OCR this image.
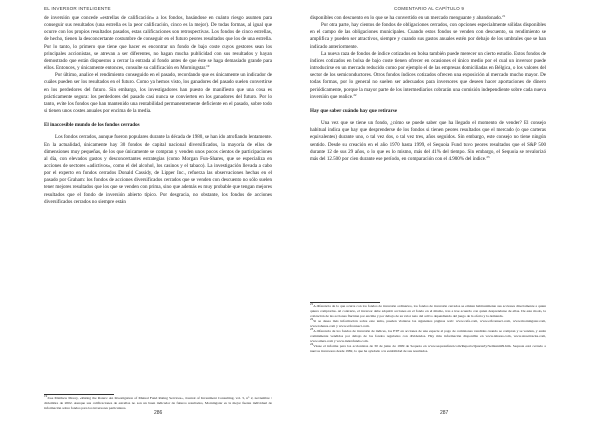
EL INVERSOR INTELIGENTE

de inversión que concede «estrellas de calificación» a los fondos, basándose en cuánto riesgo asumen para conseguir sus resultados (una estrella es la peor calificación, cinco es la mejor). De todas formas, al igual que ocurre con los propios resultados pasados, estas calificaciones son retrospectivas. Los fondos de cinco estrellas, de hecho, tienen la desconcertante costumbre de conseguir en el futuro peores resultados que los de una estrella. Por lo tanto, lo primero que tiene que hacer es encontrar un fondo de bajo coste cuyos gestores sean los principales accionistas, se atrevan a ser diferentes, no hagan mucha publicidad con sus resultados y hayan demostrado que están dispuestos a cerrar la entrada al fondo antes de que éste se haga demasiado grande para ellos. Entonces, y únicamente entonces, consulte su calificación en Morningstar.$^{19}$

Por último, analice el rendimiento conseguido en el pasado, recordando que es únicamente un indicador de cuáles pueden ser los resultados en el futuro. Como ya hemos visto, los ganadores del pasado suelen convertirse en los perdedores del futuro. Sin embargo, los investigadores han puesto de manifiesto que una cosa es prácticamente segura: los perdedores del pasado casi nunca se convierten en los ganadores del futuro. Por lo tanto, evite los fondos que han mantenido una rentabilidad permanentemente deficiente en el pasado, sobre todo si tienen unos costes anuales por encima de la media.

El inaccesible mundo de los fondos cerrados

Los fondos cerrados, aunque fueron populares durante la década de 1980, se han ido atrofiando lentamente. En la actualidad, únicamente hay 30 fondos de capital nacional diversificados, la mayoría de ellos de dimensiones muy pequeñas, de los que únicamente se compran y venden unos pocos cientos de participaciones al día, con elevados gastos y desconcertantes estrategias (como Morgan Fun-Shares, que se especializa en acciones de sectores «adictivos», como el del alcohol, los casinos y el tabaco). La investigación llevada a cabo por el experto en fondos cerrados Donald Cassidy, de Lipper Inc., refuerza las observaciones hechas en el pasado por Graham: los fondos de acciones diversificados cerrados que se venden con descuento no sólo suelen tener mejores resultados que los que se venden con prima, sino que además es muy probable que tengan mejores resultados que el fondo de inversión abierto típico. Por desgracia, no obstante, los fondos de acciones diversificados cerrados no siempre están

$^{19}$Jose Matthew Morey, «Rating the Raters: An Investigation of Mutual Fund Rating Services», Journal of Investment Consulting, vol. 5, n° 2, noviembre / diciembre de 2002. Aunque sus calificaciones de estrellas no son un buen indicador de futuros resultados, Morningstar es la mejor fuente individual de información sobre fondos para los inversores particulares.

286
COMENTARIO AL CAPÍTULO 9

disponibles con descuento en lo que se ha convertido en un mercado menguante y abandonado.$^{21}$

Por otra parte, hay cientos de fondos de obligaciones cerrados, con opciones especialmente sólidas disponibles en el campo de las obligaciones municipales. Cuando estos fondos se venden con descuento, su rendimiento se amplifica y pueden ser atractivos, siempre y cuando sus gastos anuales estén por debajo de los umbrales que se han indicado anteriormente.

La nueva raza de fondos de índice cotizados en bolsa también puede merecer un cierto estudio. Estos fondos de índices cotizados en bolsa de bajo coste tienen ofrecer en ocasiones el único medio por el cual un inversor puede introducirse en un mercado reducido como por ejemplo el de las empresas domiciliadas en Bélgica, o los valores del sector de los semiconductores. Otros fondos índices cotizados ofrecen una exposición al mercado mucho mayor. De todas formas, por lo general no suelen ser adecuados para inversores que deseen hacer aportaciones de dinero periódicamente, porque la mayor parte de los intermediarios cobrarán una comisión independiente sobre cada nueva inversión que realice.$^{22}$

Hay que saber cuándo hay que retirarse

Una vez que se tiene un fondo, ¿cómo se puede saber que ha llegado el momento de vender? El consejo habitual indica que hay que desprenderse de los fondos si tienen peores resultados que el mercado (o que carteras equivalentes) durante uno, o tal vez dos, o tal vez tres, años seguidos. Sin embargo, este consejo no tiene ningún sentido. Desde su creación en el año 1970 hasta 1999, el Sequoia Fund tuvo peores resultados que el S&P 500 durante 12 de sus 29 años, o lo que es lo mismo, más del 41% del tiempo. Sin embargo, el Sequoia se revalorizó más del 12.500 por cien durante ese período, en comparación con el 4.900% del índice.$^{23}$

$^{21}$A diferencia de lo que ocurre con los fondos de inversión ordinarios, los fondos de inversión cerrados se emiten habitualmente sus acciones directamente a quien quiera comprarlas. Al contrario, el inversor debe adquirir acciones en el fondo en el mismo, tras e irse acuerdo con quien desprendarse de ellas. De este modo, la cotización de las acciones fluctúan por encima y por debajo de su valor neto del activo dependiendo del juego de la oferta y la demanda.

$^{22}$Si se desea más información sobre este tema, pueden visitarse las siguientes páginas web: www.cefa.com, www.etfconnect.com, www.morningstar.com, www.ishares.com y www.etfconnect.com.

$^{23}$A diferencia de los fondos de inversión de índices, los ETF en acciones de una especie al pago de comisiones vendidas cuando se compran y se venden, y están comúnmente vendidos por debajo de los fondos regulados con dividendos. Hay más información disponible en www.ishares.com, www.streettracks.com, www.amex.com y www.indexfunds.com.

$^{24}$Véase el informe para los accionistas de 30 de junio de 1999 de Sequoia en www.sequoiafund.com/Reports/Quarterly/Semiann99.htm. Sequoia está cerrado a nuevos inversores desde 1982, lo que ha ayudado a la estabilidad de sus resultados.

287
